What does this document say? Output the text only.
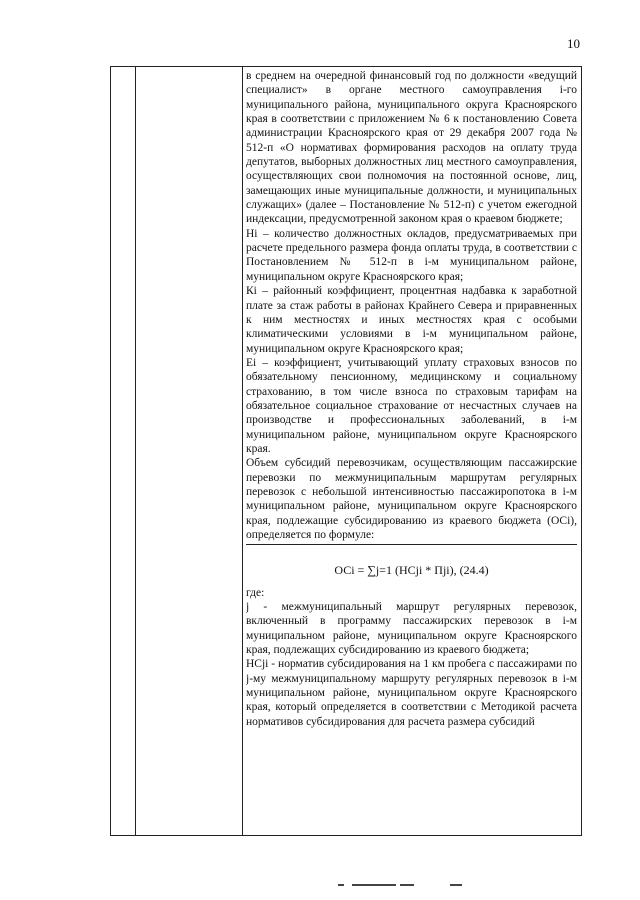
10

в среднем на очередной финансовый год по должности «ведущий специалист» в органе местного самоуправления i-го муниципального района, муниципального округа Красноярского края в соответствии с приложением № 6 к постановлению Совета администрации Красноярского края от 29 декабря 2007 года № 512-п «О нормативах формирования расходов на оплату труда депутатов, выборных должностных лиц местного самоуправления, осуществляющих свои полномочия на постоянной основе, лиц, замещающих иные муниципальные должности, и муниципальных служащих» (далее – Постановление № 512-п) с учетом ежегодной индексации, предусмотренной законом края о краевом бюджете;

Нi – количество должностных окладов, предусматриваемых при расчете предельного размера фонда оплаты труда, в соответствии с Постановлением № 512-п в i-м муниципальном районе, муниципальном округе Красноярского края;

Кi – районный коэффициент, процентная надбавка к заработной плате за стаж работы в районах Крайнего Севера и приравненных к ним местностях и иных местностях края с особыми климатическими условиями в i-м муниципальном районе, муниципальном округе Красноярского края;

Еi – коэффициент, учитывающий уплату страховых взносов по обязательному пенсионному, медицинскому и социальному страхованию, в том числе взноса по страховым тарифам на обязательное социальное страхование от несчастных случаев на производстве и профессиональных заболеваний, в i-м муниципальном районе, муниципальном округе Красноярского края.

Объем субсидий перевозчикам, осуществляющим пассажирские перевозки по межмуниципальным маршрутам регулярных перевозок с небольшой интенсивностью пассажиропотока в i-м муниципальном районе, муниципальном округе Красноярского края, подлежащие субсидированию из краевого бюджета (ОСi), определяется по формуле:

ОСi = ∑j=1 (НСji * Пji), (24.4)

где:

j - межмуниципальный маршрут регулярных перевозок, включенный в программу пассажирских перевозок в i-м муниципальном районе, муниципальном округе Красноярского края, подлежащих субсидированию из краевого бюджета;

НСji - норматив субсидирования на 1 км пробега с пассажирами по j-му межмуниципальному маршруту регулярных перевозок в i-м муниципальном районе, муниципальном округе Красноярского края, который определяется в соответствии с Методикой расчета нормативов субсидирования для расчета размера субсидий
